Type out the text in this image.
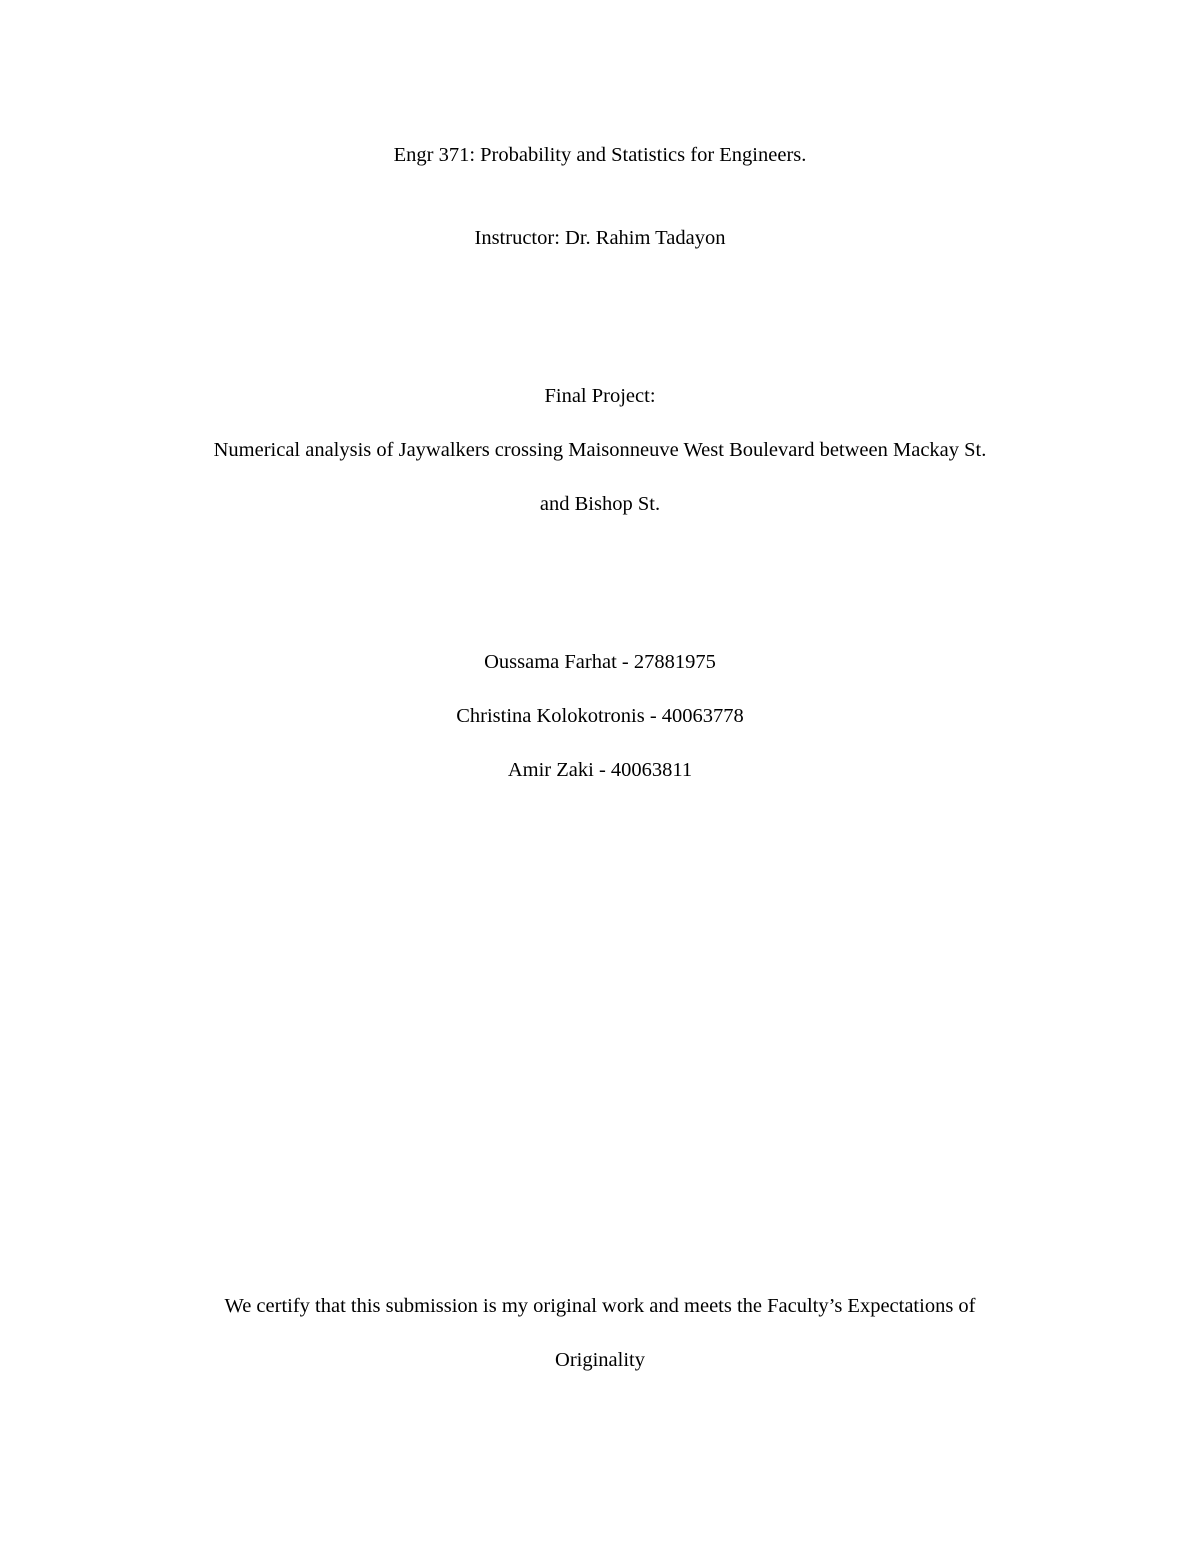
Engr 371: Probability and Statistics for Engineers.
Instructor: Dr. Rahim Tadayon
Final Project:
Numerical analysis of Jaywalkers crossing Maisonneuve West Boulevard between Mackay St.
and Bishop St.
Oussama Farhat - 27881975
Christina Kolokotronis - 40063778
Amir Zaki - 40063811
We certify that this submission is my original work and meets the Faculty’s Expectations of
Originality
